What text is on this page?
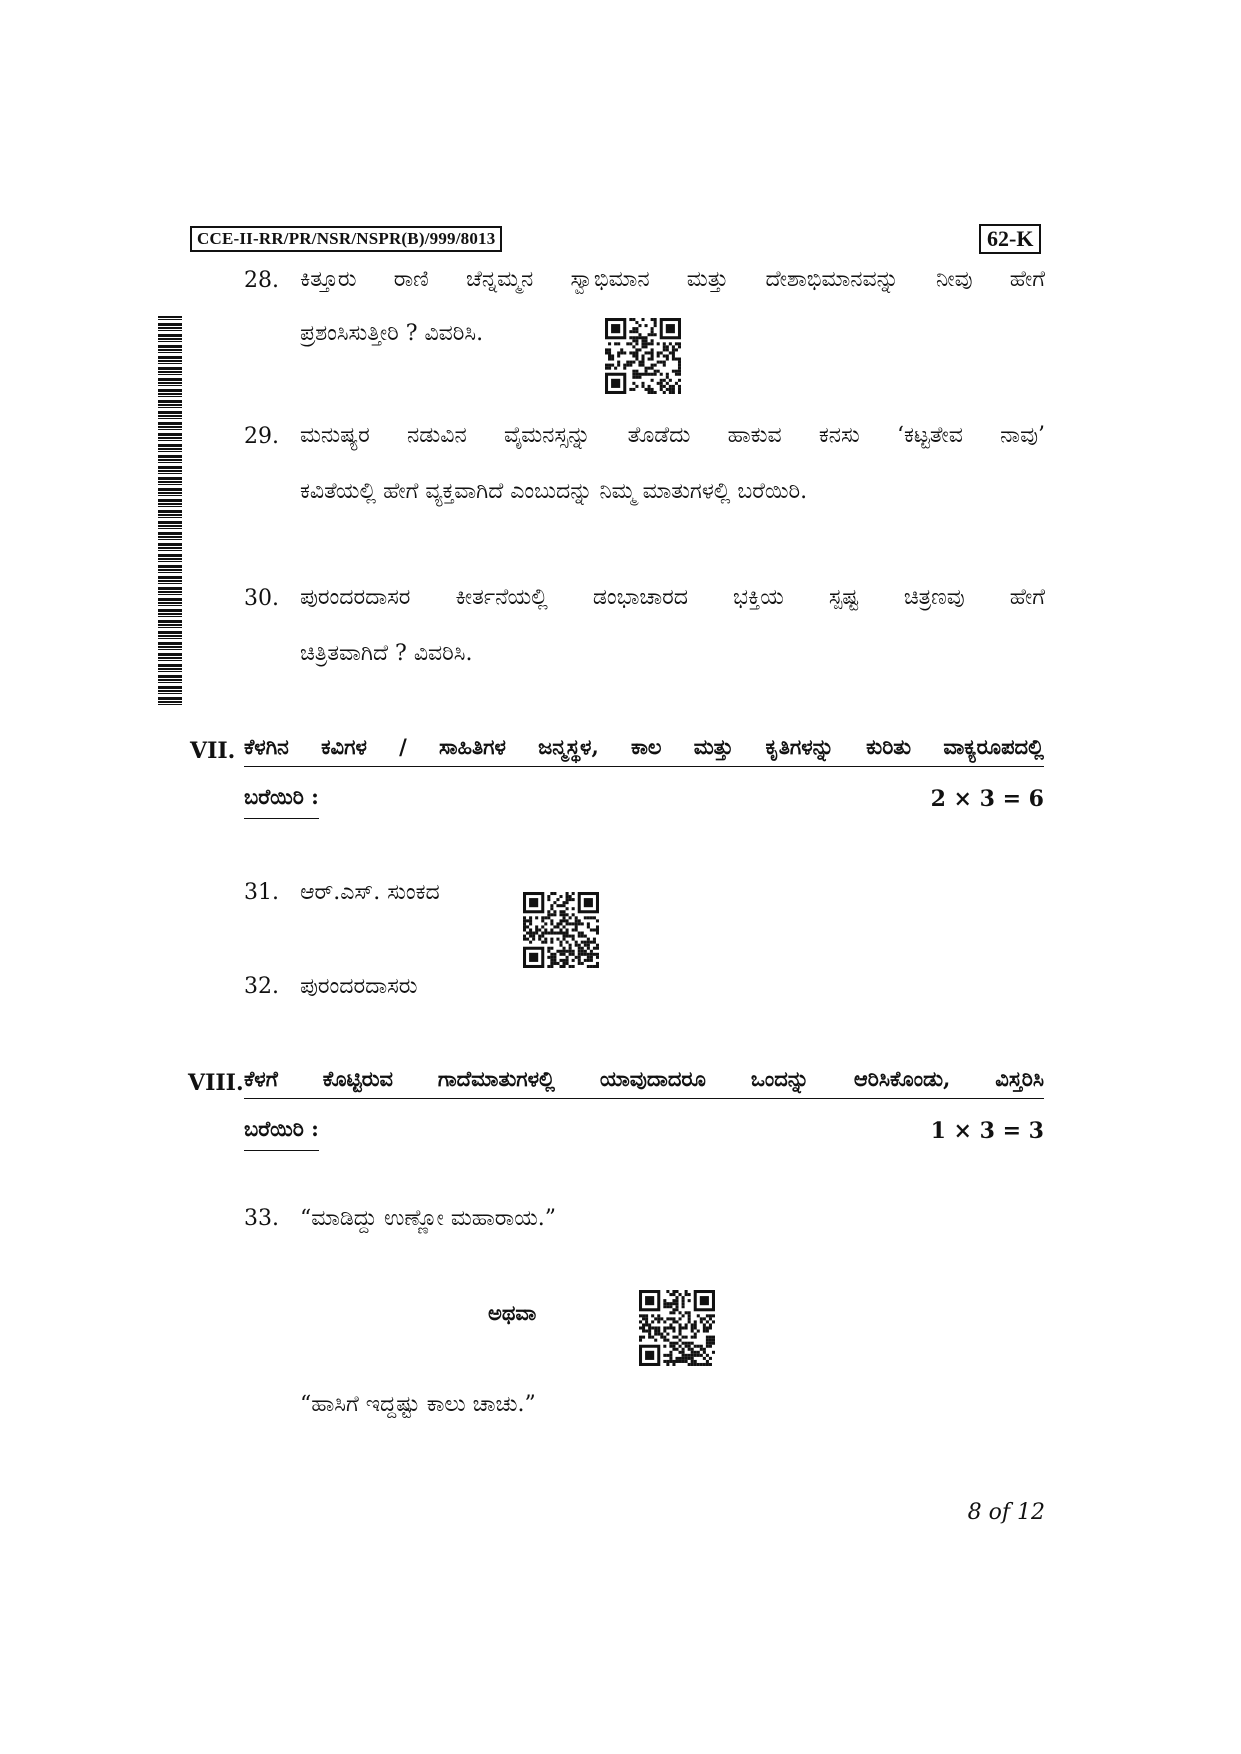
CCE-II-RR/PR/NSR/NSPR(B)/999/8013	62-K
28. ಕಿತ್ತೂರು ರಾಣಿ ಚೆನ್ನಮ್ಮನ ಸ್ವಾಭಿಮಾನ ಮತ್ತು ದೇಶಾಭಿಮಾನವನ್ನು ನೀವು ಹೇಗೆ
ಪ್ರಶಂಸಿಸುತ್ತೀರಿ ? ವಿವರಿಸಿ.
29. ಮನುಷ್ಯರ ನಡುವಿನ ವೈಮನಸ್ಸನ್ನು ತೊಡೆದು ಹಾಕುವ ಕನಸು ‘ಕಟ್ಟತೇವ ನಾವು’
ಕವಿತೆಯಲ್ಲಿ ಹೇಗೆ ವ್ಯಕ್ತವಾಗಿದೆ ಎಂಬುದನ್ನು ನಿಮ್ಮ ಮಾತುಗಳಲ್ಲಿ ಬರೆಯಿರಿ.
30. ಪುರಂದರದಾಸರ ಕೀರ್ತನೆಯಲ್ಲಿ ಡಂಭಾಚಾರದ ಭಕ್ತಿಯ ಸ್ಪಷ್ಟ ಚಿತ್ರಣವು ಹೇಗೆ
ಚಿತ್ರಿತವಾಗಿದೆ ? ವಿವರಿಸಿ.
VII. ಕೆಳಗಿನ ಕವಿಗಳ / ಸಾಹಿತಿಗಳ ಜನ್ಮಸ್ಥಳ, ಕಾಲ ಮತ್ತು ಕೃತಿಗಳನ್ನು ಕುರಿತು ವಾಕ್ಯರೂಪದಲ್ಲಿ
ಬರೆಯಿರಿ :	2 × 3 = 6
31. ಆರ್.ಎಸ್. ಸುಂಕದ
32. ಪುರಂದರದಾಸರು
VIII. ಕೆಳಗೆ ಕೊಟ್ಟಿರುವ ಗಾದೆಮಾತುಗಳಲ್ಲಿ ಯಾವುದಾದರೂ ಒಂದನ್ನು ಆರಿಸಿಕೊಂಡು, ವಿಸ್ತರಿಸಿ
ಬರೆಯಿರಿ :	1 × 3 = 3
33. “ಮಾಡಿದ್ದು ಉಣ್ಣೋ ಮಹಾರಾಯ.”
ಅಥವಾ
“ಹಾಸಿಗೆ ಇದ್ದಷ್ಟು ಕಾಲು ಚಾಚು.”
8 of 12
